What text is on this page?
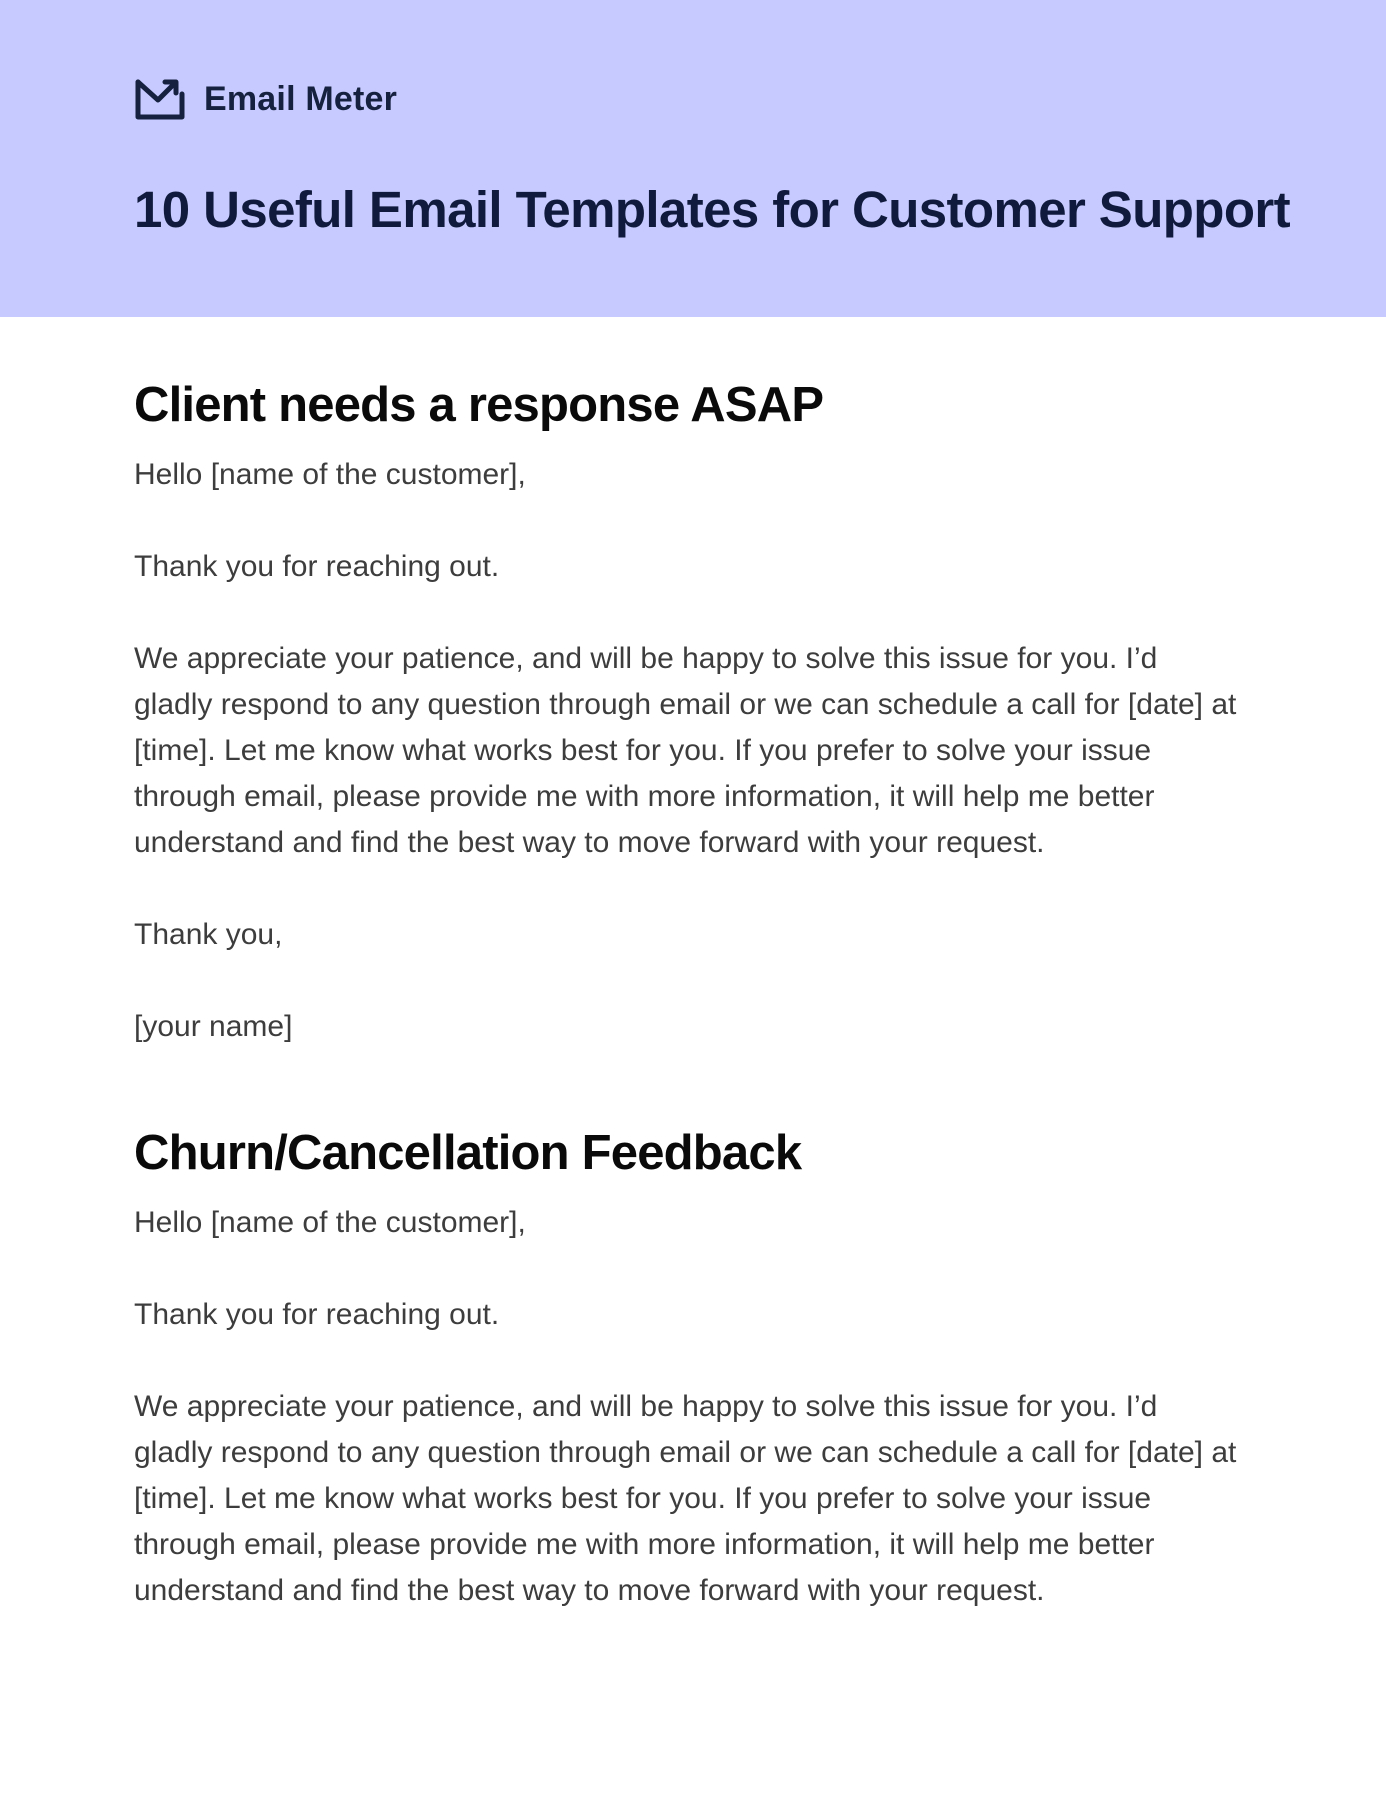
Email Meter
10 Useful Email Templates for Customer Support
Client needs a response ASAP

Hello [name of the customer],

Thank you for reaching out.

We appreciate your patience, and will be happy to solve this issue for you. I’d gladly respond to any question through email or we can schedule a call for [date] at [time]. Let me know what works best for you. If you prefer to solve your issue through email, please provide me with more information, it will help me better understand and find the best way to move forward with your request.

Thank you,

[your name]

Churn/Cancellation Feedback

Hello [name of the customer],

Thank you for reaching out.

We appreciate your patience, and will be happy to solve this issue for you. I’d gladly respond to any question through email or we can schedule a call for [date] at [time]. Let me know what works best for you. If you prefer to solve your issue through email, please provide me with more information, it will help me better understand and find the best way to move forward with your request.
